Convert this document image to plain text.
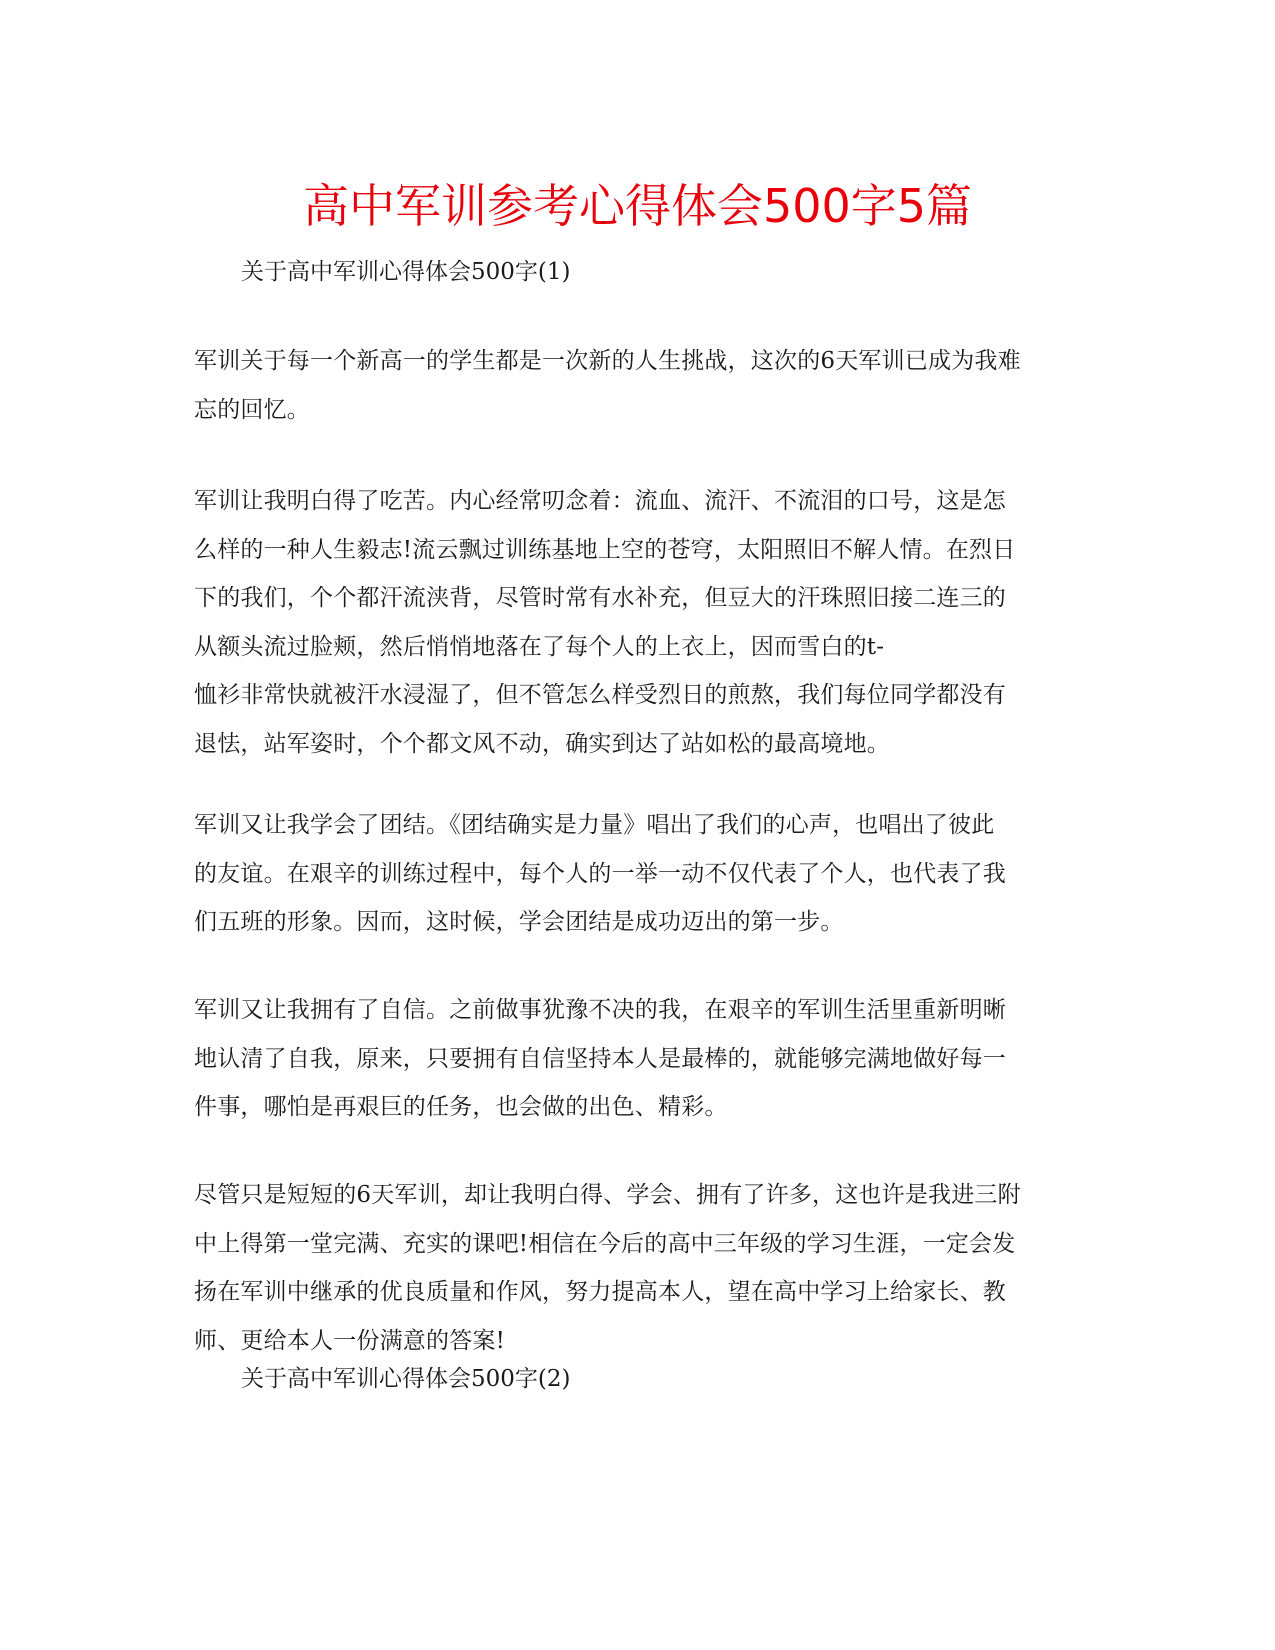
高中军训参考心得体会500字5篇
关于高中军训心得体会500字(1)
军训关于每一个新高一的学生都是一次新的人生挑战，这次的6天军训已成为我难
忘的回忆。
军训让我明白得了吃苦。内心经常叨念着：流血、流汗、不流泪的口号，这是怎
么样的一种人生毅志!流云飘过训练基地上空的苍穹，太阳照旧不解人情。在烈日
下的我们，个个都汗流浃背，尽管时常有水补充，但豆大的汗珠照旧接二连三的
从额头流过脸颊，然后悄悄地落在了每个人的上衣上，因而雪白的t-
恤衫非常快就被汗水浸湿了，但不管怎么样受烈日的煎熬，我们每位同学都没有
退怯，站军姿时，个个都文风不动，确实到达了站如松的最高境地。
军训又让我学会了团结。《团结确实是力量》唱出了我们的心声，也唱出了彼此
的友谊。在艰辛的训练过程中，每个人的一举一动不仅代表了个人，也代表了我
们五班的形象。因而，这时候，学会团结是成功迈出的第一步。
军训又让我拥有了自信。之前做事犹豫不决的我，在艰辛的军训生活里重新明晰
地认清了自我，原来，只要拥有自信坚持本人是最棒的，就能够完满地做好每一
件事，哪怕是再艰巨的任务，也会做的出色、精彩。
尽管只是短短的6天军训，却让我明白得、学会、拥有了许多，这也许是我进三附
中上得第一堂完满、充实的课吧!相信在今后的高中三年级的学习生涯，一定会发
扬在军训中继承的优良质量和作风，努力提高本人，望在高中学习上给家长、教
师、更给本人一份满意的答案!
关于高中军训心得体会500字(2)
